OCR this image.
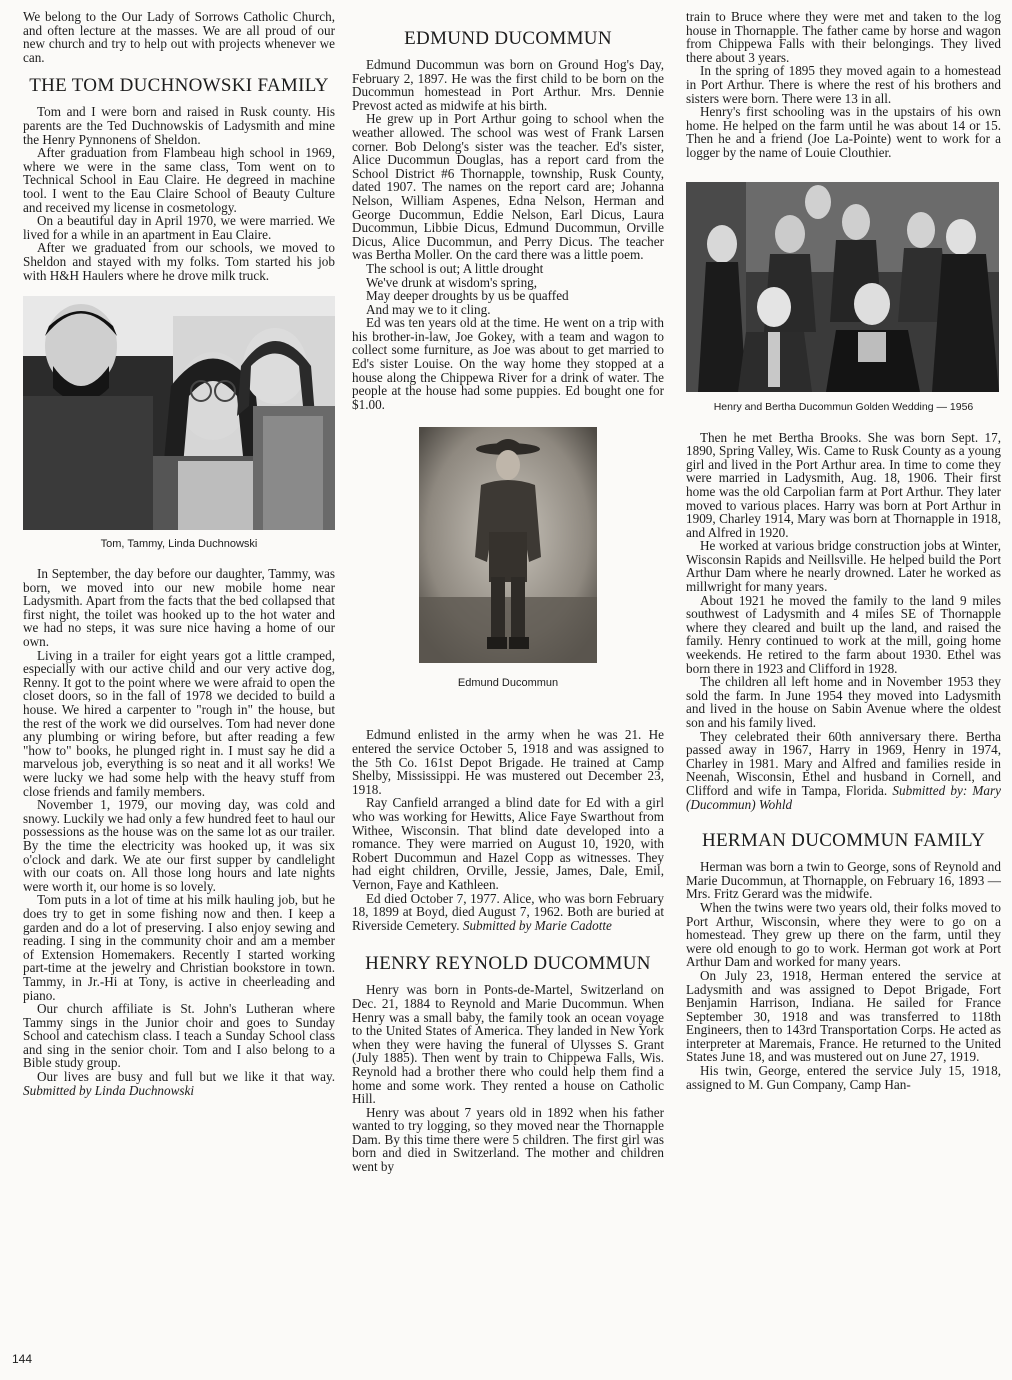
We belong to the Our Lady of Sorrows Catholic Church, and often lecture at the masses. We are all proud of our new church and try to help out with projects whenever we can.

THE TOM DUCHNOWSKI FAMILY

Tom and I were born and raised in Rusk county. His parents are the Ted Duchnowskis of Ladysmith and mine the Henry Pynnonens of Sheldon.

After graduation from Flambeau high school in 1969, where we were in the same class, Tom went on to Technical School in Eau Claire. He degreed in machine tool. I went to the Eau Claire School of Beauty Culture and received my license in cosmetology.

On a beautiful day in April 1970, we were married. We lived for a while in an apartment in Eau Claire.

After we graduated from our schools, we moved to Sheldon and stayed with my folks. Tom started his job with H&H Haulers where he drove milk truck.

Tom, Tammy, Linda Duchnowski

In September, the day before our daughter, Tammy, was born, we moved into our new mobile home near Ladysmith. Apart from the facts that the bed collapsed that first night, the toilet was hooked up to the hot water and we had no steps, it was sure nice having a home of our own.

Living in a trailer for eight years got a little cramped, especially with our active child and our very active dog, Renny. It got to the point where we were afraid to open the closet doors, so in the fall of 1978 we decided to build a house. We hired a carpenter to "rough in" the house, but the rest of the work we did ourselves. Tom had never done any plumbing or wiring before, but after reading a few "how to" books, he plunged right in. I must say he did a marvelous job, everything is so neat and it all works! We were lucky we had some help with the heavy stuff from close friends and family members.

November 1, 1979, our moving day, was cold and snowy. Luckily we had only a few hundred feet to haul our possessions as the house was on the same lot as our trailer. By the time the electricity was hooked up, it was six o'clock and dark. We ate our first supper by candlelight with our coats on. All those long hours and late nights were worth it, our home is so lovely.

Tom puts in a lot of time at his milk hauling job, but he does try to get in some fishing now and then. I keep a garden and do a lot of preserving. I also enjoy sewing and reading. I sing in the community choir and am a member of Extension Homemakers. Recently I started working part-time at the jewelry and Christian bookstore in town. Tammy, in Jr.-Hi at Tony, is active in cheerleading and piano.

Our church affiliate is St. John's Lutheran where Tammy sings in the Junior choir and goes to Sunday School and catechism class. I teach a Sunday School class and sing in the senior choir. Tom and I also belong to a Bible study group.

Our lives are busy and full but we like it that way. Submitted by Linda Duchnowski

EDMUND DUCOMMUN

Edmund Ducommun was born on Ground Hog's Day, February 2, 1897. He was the first child to be born on the Ducommun homestead in Port Arthur. Mrs. Dennie Prevost acted as midwife at his birth.

He grew up in Port Arthur going to school when the weather allowed. The school was west of Frank Larsen corner. Bob Delong's sister was the teacher. Ed's sister, Alice Ducommun Douglas, has a report card from the School District #6 Thornapple, township, Rusk County, dated 1907. The names on the report card are; Johanna Nelson, William Aspenes, Edna Nelson, Herman and George Ducommun, Eddie Nelson, Earl Dicus, Laura Ducommun, Libbie Dicus, Edmund Ducommun, Orville Dicus, Alice Ducommun, and Perry Dicus. The teacher was Bertha Moller. On the card there was a little poem.

The school is out; A little drought

We've drunk at wisdom's spring,

May deeper droughts by us be quaffed

And may we to it cling.

Ed was ten years old at the time. He went on a trip with his brother-in-law, Joe Gokey, with a team and wagon to collect some furniture, as Joe was about to get married to Ed's sister Louise. On the way home they stopped at a house along the Chippewa River for a drink of water. The people at the house had some puppies. Ed bought one for $1.00.

Edmund Ducommun

Edmund enlisted in the army when he was 21. He entered the service October 5, 1918 and was assigned to the 5th Co. 161st Depot Brigade. He trained at Camp Shelby, Mississippi. He was mustered out December 23, 1918.

Ray Canfield arranged a blind date for Ed with a girl who was working for Hewitts, Alice Faye Swarthout from Withee, Wisconsin. That blind date developed into a romance. They were married on August 10, 1920, with Robert Ducommun and Hazel Copp as witnesses. They had eight children, Orville, Jessie, James, Dale, Emil, Vernon, Faye and Kathleen.

Ed died October 7, 1977. Alice, who was born February 18, 1899 at Boyd, died August 7, 1962. Both are buried at Riverside Cemetery. Submitted by Marie Cadotte

HENRY REYNOLD DUCOMMUN

Henry was born in Ponts-de-Martel, Switzerland on Dec. 21, 1884 to Reynold and Marie Ducommun. When Henry was a small baby, the family took an ocean voyage to the United States of America. They landed in New York when they were having the funeral of Ulysses S. Grant (July 1885). Then went by train to Chippewa Falls, Wis. Reynold had a brother there who could help them find a home and some work. They rented a house on Catholic Hill.

Henry was about 7 years old in 1892 when his father wanted to try logging, so they moved near the Thornapple Dam. By this time there were 5 children. The first girl was born and died in Switzerland. The mother and children went by

train to Bruce where they were met and taken to the log house in Thornapple. The father came by horse and wagon from Chippewa Falls with their belongings. They lived there about 3 years.

In the spring of 1895 they moved again to a homestead in Port Arthur. There is where the rest of his brothers and sisters were born. There were 13 in all.

Henry's first schooling was in the upstairs of his own home. He helped on the farm until he was about 14 or 15. Then he and a friend (Joe La-Pointe) went to work for a logger by the name of Louie Clouthier.

Henry and Bertha Ducommun Golden Wedding — 1956

Then he met Bertha Brooks. She was born Sept. 17, 1890, Spring Valley, Wis. Came to Rusk County as a young girl and lived in the Port Arthur area. In time to come they were married in Ladysmith, Aug. 18, 1906. Their first home was the old Carpolian farm at Port Arthur. They later moved to various places. Harry was born at Port Arthur in 1909, Charley 1914, Mary was born at Thornapple in 1918, and Alfred in 1920.

He worked at various bridge construction jobs at Winter, Wisconsin Rapids and Neillsville. He helped build the Port Arthur Dam where he nearly drowned. Later he worked as millwright for many years.

About 1921 he moved the family to the land 9 miles southwest of Ladysmith and 4 miles SE of Thornapple where they cleared and built up the land, and raised the family. Henry continued to work at the mill, going home weekends. He retired to the farm about 1930. Ethel was born there in 1923 and Clifford in 1928.

The children all left home and in November 1953 they sold the farm. In June 1954 they moved into Ladysmith and lived in the house on Sabin Avenue where the oldest son and his family lived.

They celebrated their 60th anniversary there. Bertha passed away in 1967, Harry in 1969, Henry in 1974, Charley in 1981. Mary and Alfred and families reside in Neenah, Wisconsin, Ethel and husband in Cornell, and Clifford and wife in Tampa, Florida. Submitted by: Mary (Ducommun) Wohld

HERMAN DUCOMMUN FAMILY

Herman was born a twin to George, sons of Reynold and Marie Ducommun, at Thornapple, on February 16, 1893 — Mrs. Fritz Gerard was the midwife.

When the twins were two years old, their folks moved to Port Arthur, Wisconsin, where they were to go on a homestead. They grew up there on the farm, until they were old enough to go to work. Herman got work at Port Arthur Dam and worked for many years.

On July 23, 1918, Herman entered the service at Ladysmith and was assigned to Depot Brigade, Fort Benjamin Harrison, Indiana. He sailed for France September 30, 1918 and was transferred to 118th Engineers, then to 143rd Transportation Corps. He acted as interpreter at Maremais, France. He returned to the United States June 18, and was mustered out on June 27, 1919.

His twin, George, entered the service July 15, 1918, assigned to M. Gun Company, Camp Han-

144
